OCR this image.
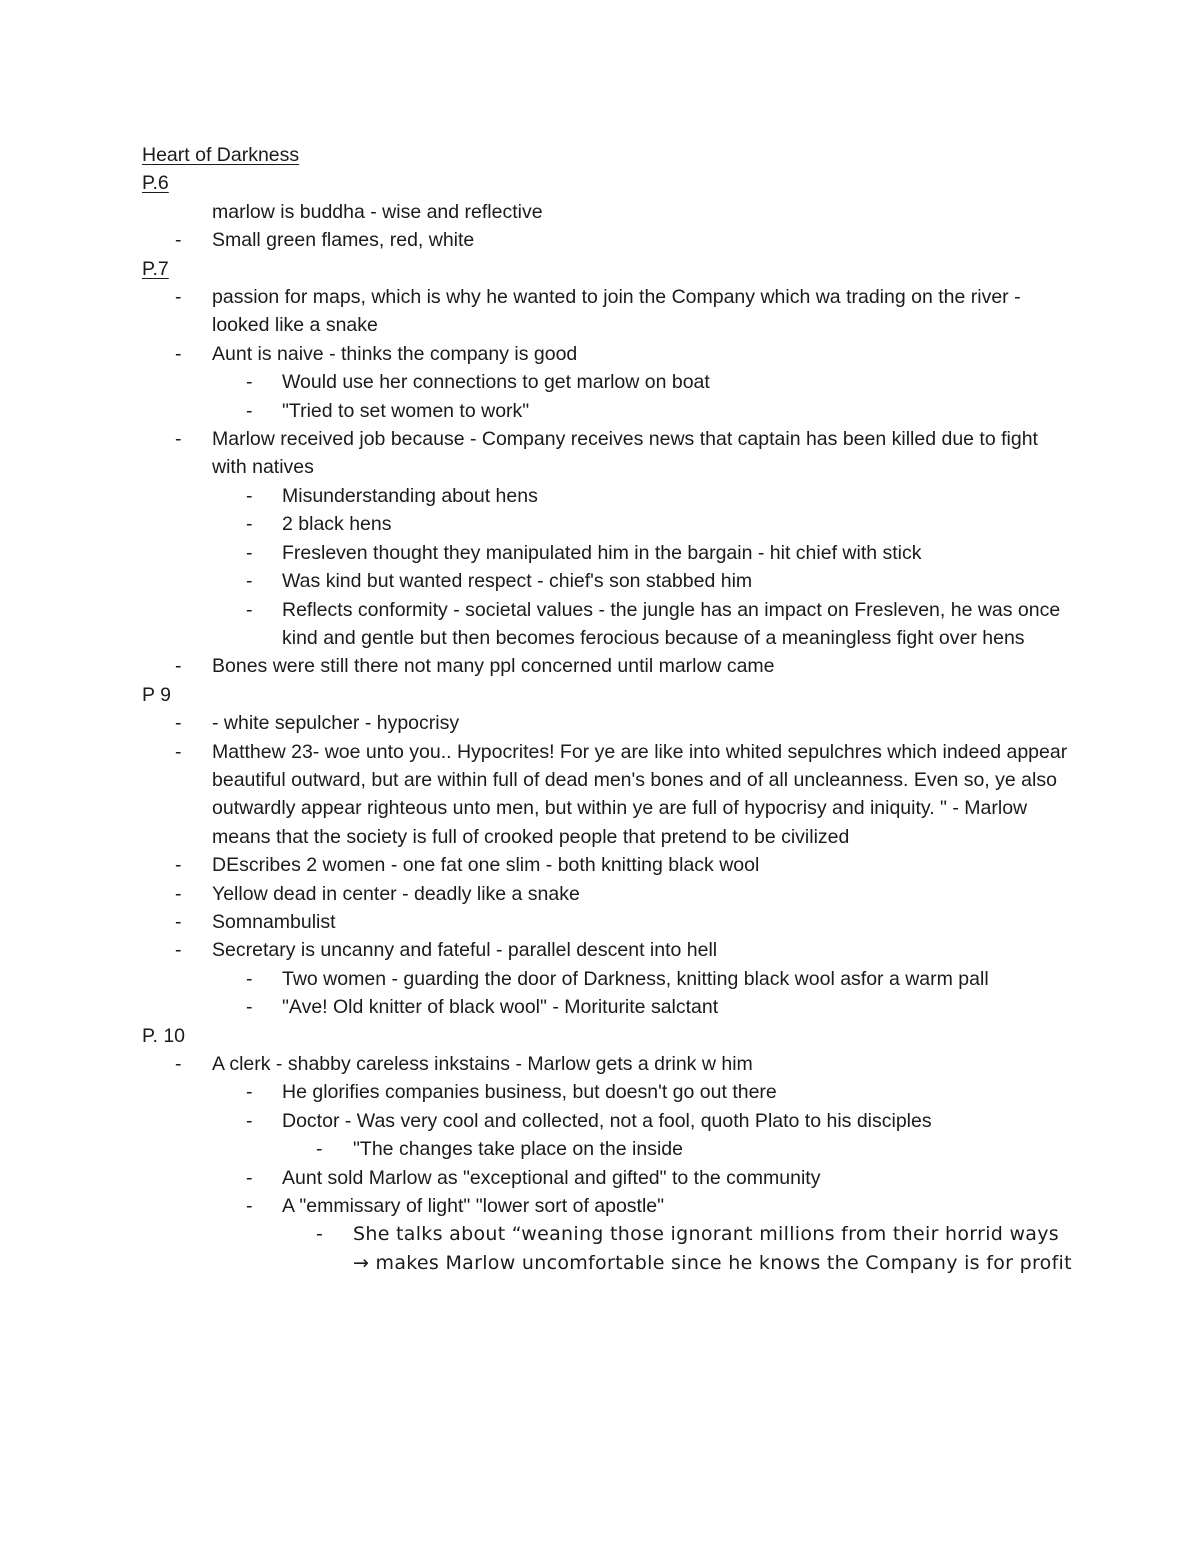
Heart of Darkness
P.6
marlow is buddha - wise and reflective
- Small green flames, red, white
P.7
- passion for maps, which is why he wanted to join the Company which wa trading on the river - looked like a snake
- Aunt is naive - thinks the company is good
- Would use her connections to get marlow on boat
- "Tried to set women to work"
- Marlow received job because - Company receives news that captain has been killed due to fight with natives
- Misunderstanding about hens
- 2 black hens
- Fresleven thought they manipulated him in the bargain - hit chief with stick
- Was kind but wanted respect - chief's son stabbed him
- Reflects conformity - societal values - the jungle has an impact on Fresleven, he was once kind and gentle but then becomes ferocious because of a meaningless fight over hens
- Bones were still there not many ppl concerned until marlow came
P 9
- - white sepulcher - hypocrisy
- Matthew 23- woe unto you.. Hypocrites! For ye are like into whited sepulchres which indeed appear beautiful outward, but are within full of dead men's bones and of all uncleanness. Even so, ye also outwardly appear righteous unto men, but within ye are full of hypocrisy and iniquity. " - Marlow means that the society is full of crooked people that pretend to be civilized
- DEscribes 2 women - one fat one slim - both knitting black wool
- Yellow dead in center - deadly like a snake
- Somnambulist
- Secretary is uncanny and fateful - parallel descent into hell
- Two women - guarding the door of Darkness, knitting black wool asfor a warm pall
- "Ave! Old knitter of black wool" - Moriturite salctant
P. 10
- A clerk - shabby careless inkstains - Marlow gets a drink w him
- He glorifies companies business, but doesn't go out there
- Doctor - Was very cool and collected, not a fool, quoth Plato to his disciples
- "The changes take place on the inside
- Aunt sold Marlow as "exceptional and gifted" to the community
- A "emmissary of light" "lower sort of apostle"
- She talks about “weaning those ignorant millions from their horrid ways → makes Marlow uncomfortable since he knows the Company is for profit
